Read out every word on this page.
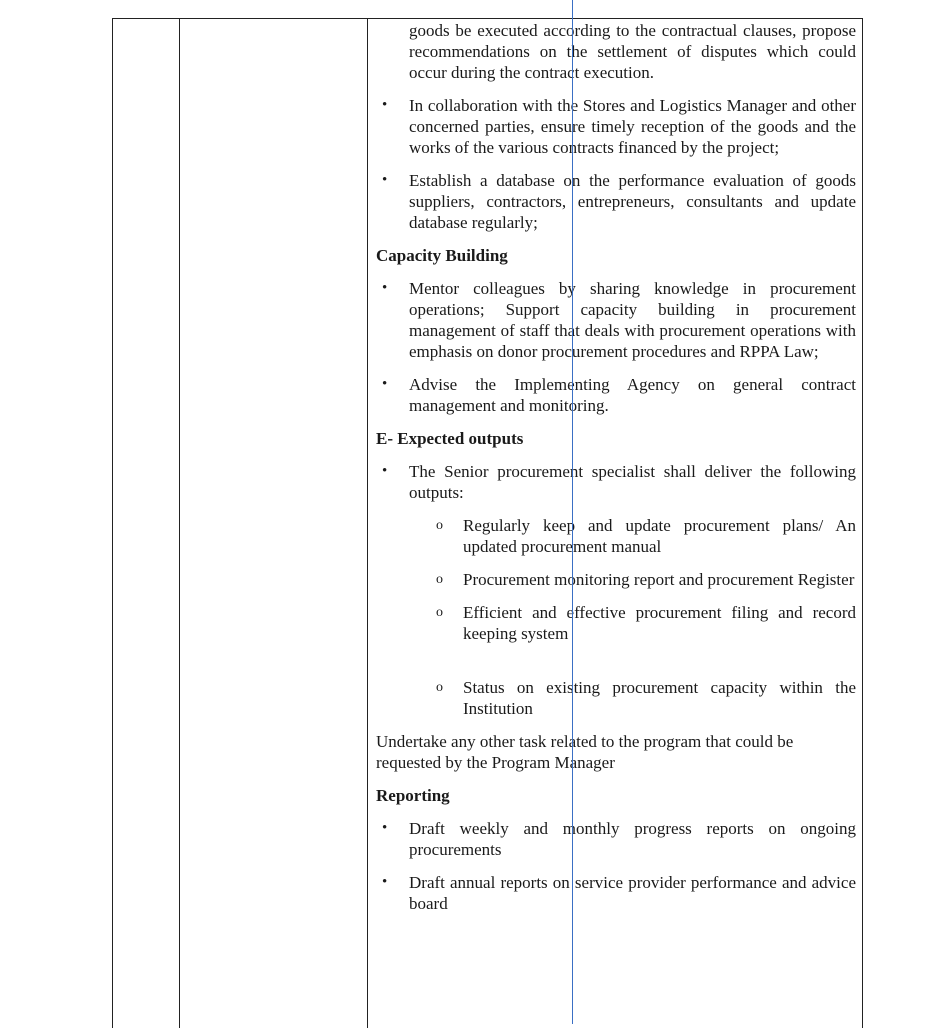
goods be executed according to the contractual clauses, propose recommendations on the settlement of disputes which could occur during the contract execution.
• In collaboration with the Stores and Logistics Manager and other concerned parties, ensure timely reception of the goods and the works of the various contracts financed by the project;
• Establish a database on the performance evaluation of goods suppliers, contractors, entrepreneurs, consultants and update database regularly;
Capacity Building
• Mentor colleagues by sharing knowledge in procurement operations; Support capacity building in procurement management of staff that deals with procurement operations with emphasis on donor procurement procedures and RPPA Law;
• Advise the Implementing Agency on general contract management and monitoring.
E- Expected outputs
• The Senior procurement specialist shall deliver the following outputs:
o Regularly keep and update procurement plans/ An updated procurement manual
o Procurement monitoring report and procurement Register
o Efficient and effective procurement filing and record keeping system
o Status on existing procurement capacity within the Institution
Undertake any other task related to the program that could be requested by the Program Manager
Reporting
• Draft weekly and monthly progress reports on ongoing procurements
• Draft annual reports on service provider performance and advice board
